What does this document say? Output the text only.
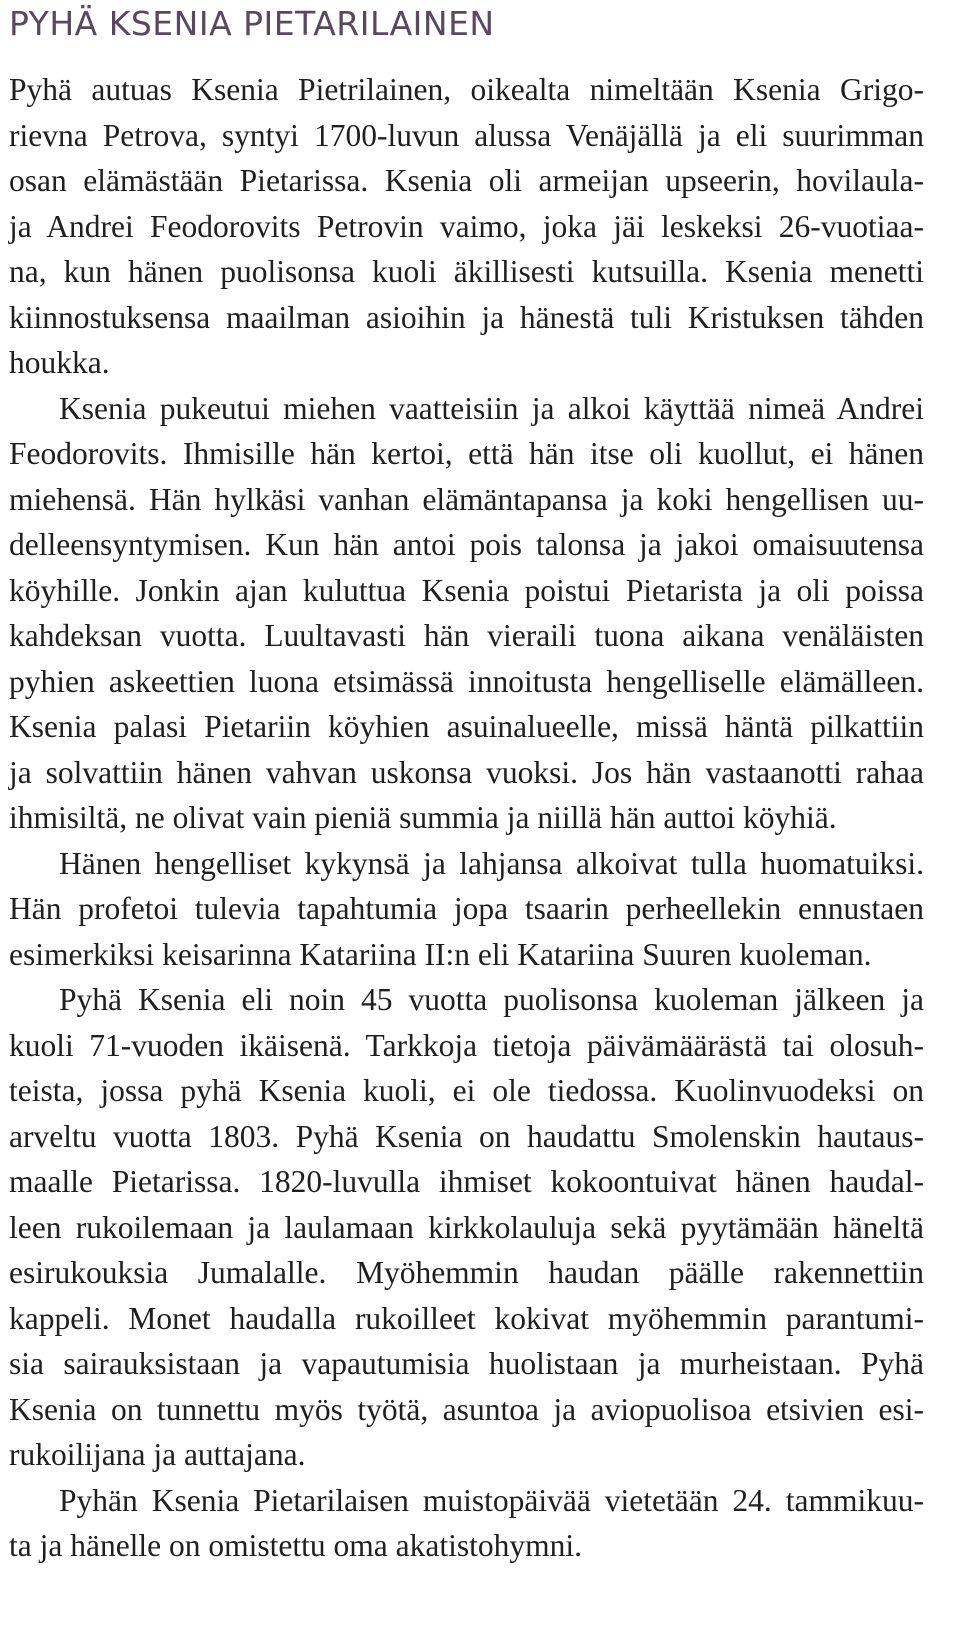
PYHÄ KSENIA PIETARILAINEN
Pyhä autuas Ksenia Pietrilainen, oikealta nimeltään Ksenia Grigo-
rievna Petrova, syntyi 1700-luvun alussa Venäjällä ja eli suurimman
osan elämästään Pietarissa. Ksenia oli armeijan upseerin, hovilaula-
ja Andrei Feodorovits Petrovin vaimo, joka jäi leskeksi 26-vuotiaa-
na, kun hänen puolisonsa kuoli äkillisesti kutsuilla. Ksenia menetti
kiinnostuksensa maailman asioihin ja hänestä tuli Kristuksen tähden
houkka.
Ksenia pukeutui miehen vaatteisiin ja alkoi käyttää nimeä Andrei
Feodorovits. Ihmisille hän kertoi, että hän itse oli kuollut, ei hänen
miehensä. Hän hylkäsi vanhan elämäntapansa ja koki hengellisen uu-
delleensyntymisen. Kun hän antoi pois talonsa ja jakoi omaisuutensa
köyhille. Jonkin ajan kuluttua Ksenia poistui Pietarista ja oli poissa
kahdeksan vuotta. Luultavasti hän vieraili tuona aikana venäläisten
pyhien askeettien luona etsimässä innoitusta hengelliselle elämälleen.
Ksenia palasi Pietariin köyhien asuinalueelle, missä häntä pilkattiin
ja solvattiin hänen vahvan uskonsa vuoksi. Jos hän vastaanotti rahaa
ihmisiltä, ne olivat vain pieniä summia ja niillä hän auttoi köyhiä.
Hänen hengelliset kykynsä ja lahjansa alkoivat tulla huomatuiksi.
Hän profetoi tulevia tapahtumia jopa tsaarin perheellekin ennustaen
esimerkiksi keisarinna Katariina II:n eli Katariina Suuren kuoleman.
Pyhä Ksenia eli noin 45 vuotta puolisonsa kuoleman jälkeen ja
kuoli 71-vuoden ikäisenä. Tarkkoja tietoja päivämäärästä tai olosuh-
teista, jossa pyhä Ksenia kuoli, ei ole tiedossa. Kuolinvuodeksi on
arveltu vuotta 1803. Pyhä Ksenia on haudattu Smolenskin hautaus-
maalle Pietarissa. 1820-luvulla ihmiset kokoontuivat hänen haudal-
leen rukoilemaan ja laulamaan kirkkolauluja sekä pyytämään häneltä
esirukouksia Jumalalle. Myöhemmin haudan päälle rakennettiin
kappeli. Monet haudalla rukoilleet kokivat myöhemmin parantumi-
sia sairauksistaan ja vapautumisia huolistaan ja murheistaan. Pyhä
Ksenia on tunnettu myös työtä, asuntoa ja aviopuolisoa etsivien esi-
rukoilijana ja auttajana.
Pyhän Ksenia Pietarilaisen muistopäivää vietetään 24. tammikuu-
ta ja hänelle on omistettu oma akatistohymni.
